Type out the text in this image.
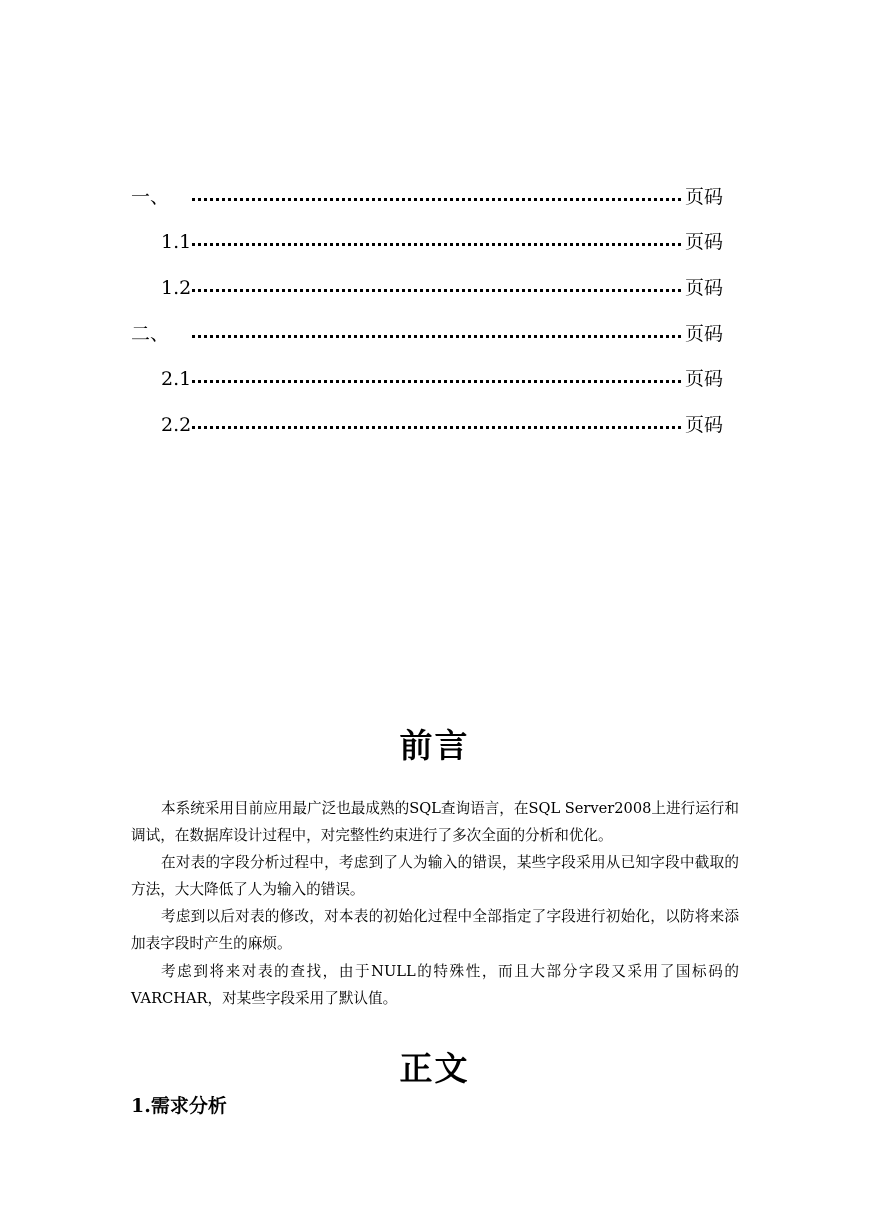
一、	页码
1.1	页码
1.2	页码
二、	页码
2.1	页码
2.2	页码
前言

本系统采用目前应用最广泛也最成熟的SQL查询语言，在SQL Server2008上进行运行和调试，在数据库设计过程中，对完整性约束进行了多次全面的分析和优化。

在对表的字段分析过程中，考虑到了人为输入的错误，某些字段采用从已知字段中截取的方法，大大降低了人为输入的错误。

考虑到以后对表的修改，对本表的初始化过程中全部指定了字段进行初始化，以防将来添加表字段时产生的麻烦。

考虑到将来对表的查找，由于NULL的特殊性，而且大部分字段又采用了国标码的VARCHAR，对某些字段采用了默认值。

正文
1.需求分析
